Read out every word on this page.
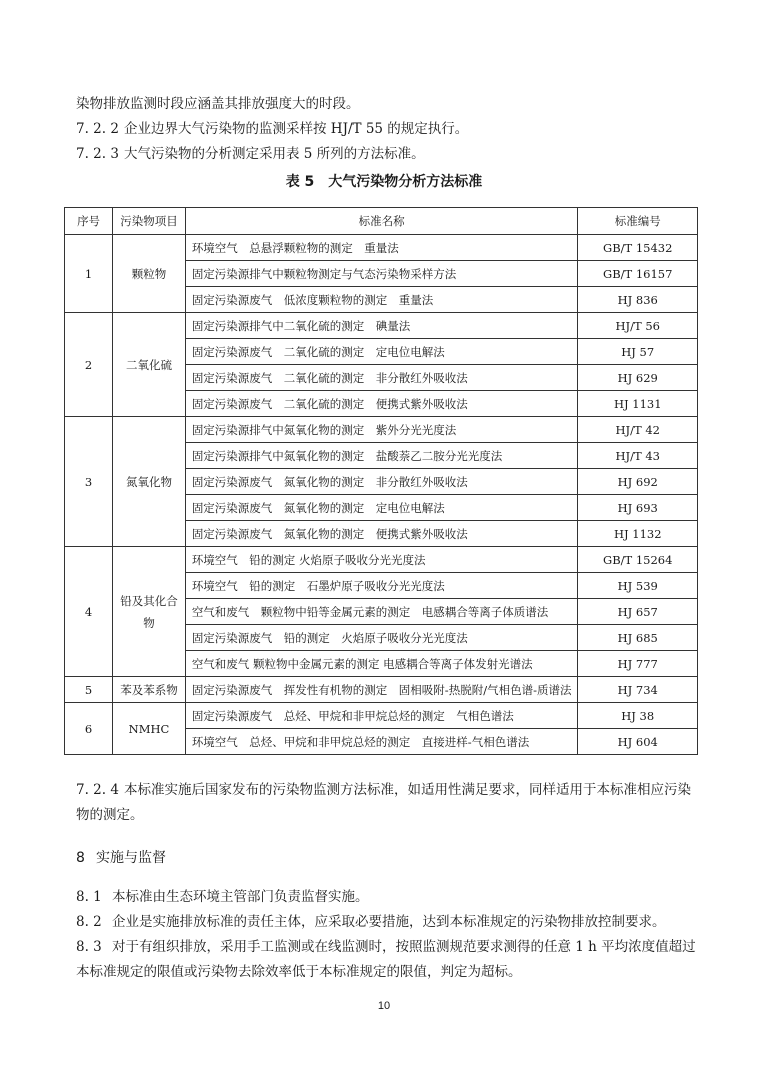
染物排放监测时段应涵盖其排放强度大的时段。
7. 2. 2 企业边界大气污染物的监测采样按 HJ/T 55 的规定执行。
7. 2. 3 大气污染物的分析测定采用表 5 所列的方法标准。
表 5　大气污染物分析方法标准
序号	污染物项目	标准名称	标准编号
1	颗粒物	环境空气　总悬浮颗粒物的测定　重量法	GB/T 15432
		固定污染源排气中颗粒物测定与气态污染物采样方法	GB/T 16157
		固定污染源废气　低浓度颗粒物的测定　重量法	HJ 836
2	二氧化硫	固定污染源排气中二氧化硫的测定　碘量法	HJ/T 56
		固定污染源废气　二氧化硫的测定　定电位电解法	HJ 57
		固定污染源废气　二氧化硫的测定　非分散红外吸收法	HJ 629
		固定污染源废气　二氧化硫的测定　便携式紫外吸收法	HJ 1131
3	氮氧化物	固定污染源排气中氮氧化物的测定　紫外分光光度法	HJ/T 42
		固定污染源排气中氮氧化物的测定　盐酸萘乙二胺分光光度法	HJ/T 43
		固定污染源废气　氮氧化物的测定　非分散红外吸收法	HJ 692
		固定污染源废气　氮氧化物的测定　定电位电解法	HJ 693
		固定污染源废气　氮氧化物的测定　便携式紫外吸收法	HJ 1132
4	铅及其化合物	环境空气　铅的测定 火焰原子吸收分光光度法	GB/T 15264
		环境空气　铅的测定　石墨炉原子吸收分光光度法	HJ 539
		空气和废气　颗粒物中铅等金属元素的测定　电感耦合等离子体质谱法	HJ 657
		固定污染源废气　铅的测定　火焰原子吸收分光光度法	HJ 685
		空气和废气 颗粒物中金属元素的测定 电感耦合等离子体发射光谱法	HJ 777
5	苯及苯系物	固定污染源废气　挥发性有机物的测定　固相吸附-热脱附/气相色谱-质谱法	HJ 734
6	NMHC	固定污染源废气　总烃、甲烷和非甲烷总烃的测定　气相色谱法	HJ 38
		环境空气　总烃、甲烷和非甲烷总烃的测定　直接进样-气相色谱法	HJ 604
7. 2. 4 本标准实施后国家发布的污染物监测方法标准，如适用性满足要求，同样适用于本标准相应污染物的测定。
8 实施与监督
8. 1 本标准由生态环境主管部门负责监督实施。
8. 2 企业是实施排放标准的责任主体，应采取必要措施，达到本标准规定的污染物排放控制要求。
8. 3 对于有组织排放，采用手工监测或在线监测时，按照监测规范要求测得的任意 1 h 平均浓度值超过本标准规定的限值或污染物去除效率低于本标准规定的限值，判定为超标。
10
